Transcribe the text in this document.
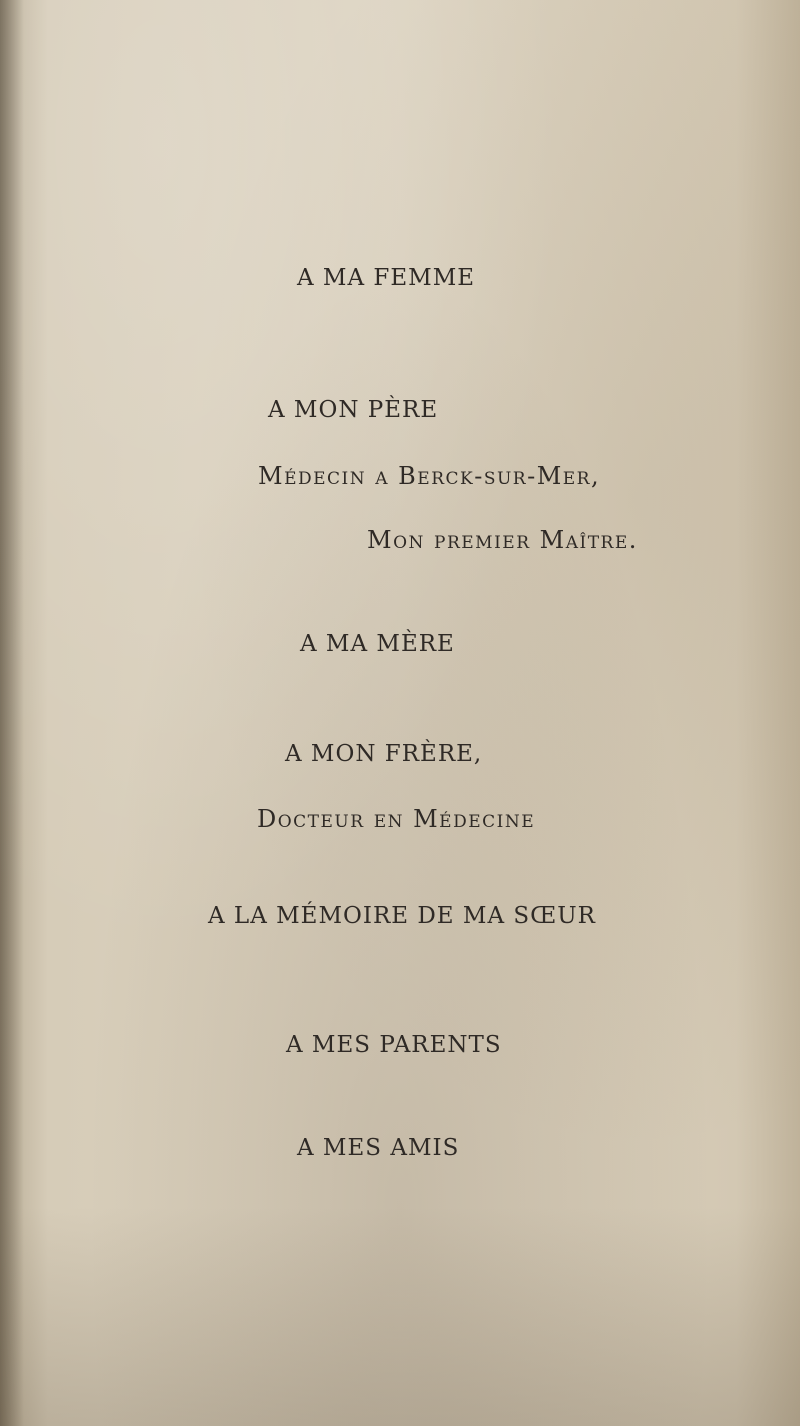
A MA FEMME
A MON PÈRE
Médecin a Berck-sur-Mer,
Mon premier Maître.
A MA MÈRE
A MON FRÈRE,
Docteur en Médecine
A LA MÉMOIRE DE MA SŒUR
A MES PARENTS
A MES AMIS
